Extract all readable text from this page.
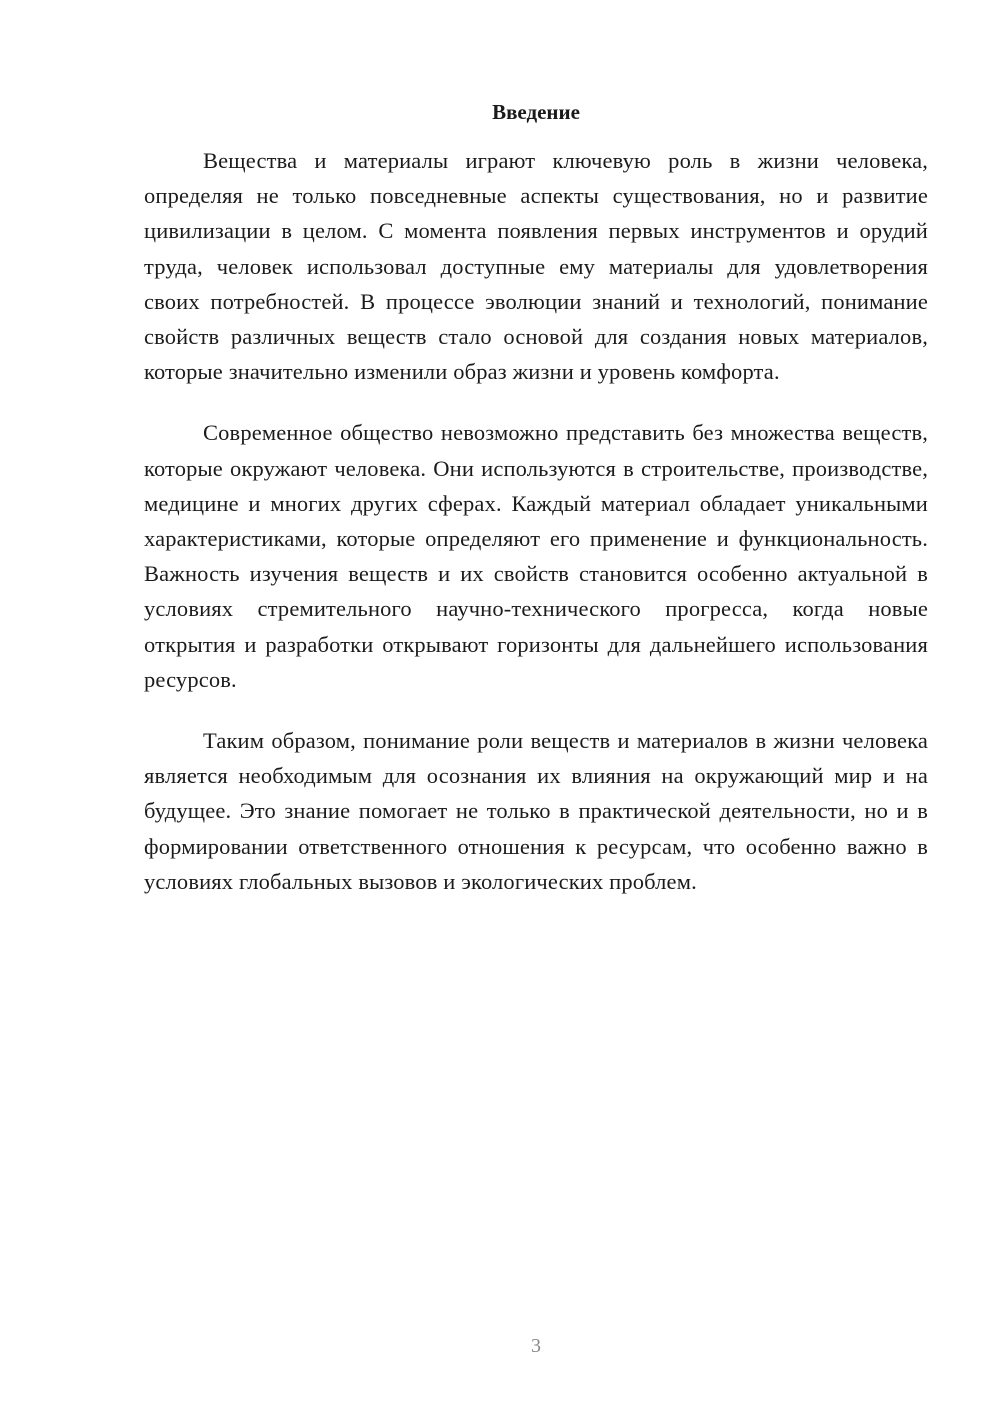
Введение

Вещества и материалы играют ключевую роль в жизни человека, определяя не только повседневные аспекты существования, но и развитие цивилизации в целом. С момента появления первых инструментов и орудий труда, человек использовал доступные ему материалы для удовлетворения своих потребностей. В процессе эволюции знаний и технологий, понимание свойств различных веществ стало основой для создания новых материалов, которые значительно изменили образ жизни и уровень комфорта.

Современное общество невозможно представить без множества веществ, которые окружают человека. Они используются в строительстве, производстве, медицине и многих других сферах. Каждый материал обладает уникальными характеристиками, которые определяют его применение и функциональность. Важность изучения веществ и их свойств становится особенно актуальной в условиях стремительного научно-технического прогресса, когда новые открытия и разработки открывают горизонты для дальнейшего использования ресурсов.

Таким образом, понимание роли веществ и материалов в жизни человека является необходимым для осознания их влияния на окружающий мир и на будущее. Это знание помогает не только в практической деятельности, но и в формировании ответственного отношения к ресурсам, что особенно важно в условиях глобальных вызовов и экологических проблем.

3
